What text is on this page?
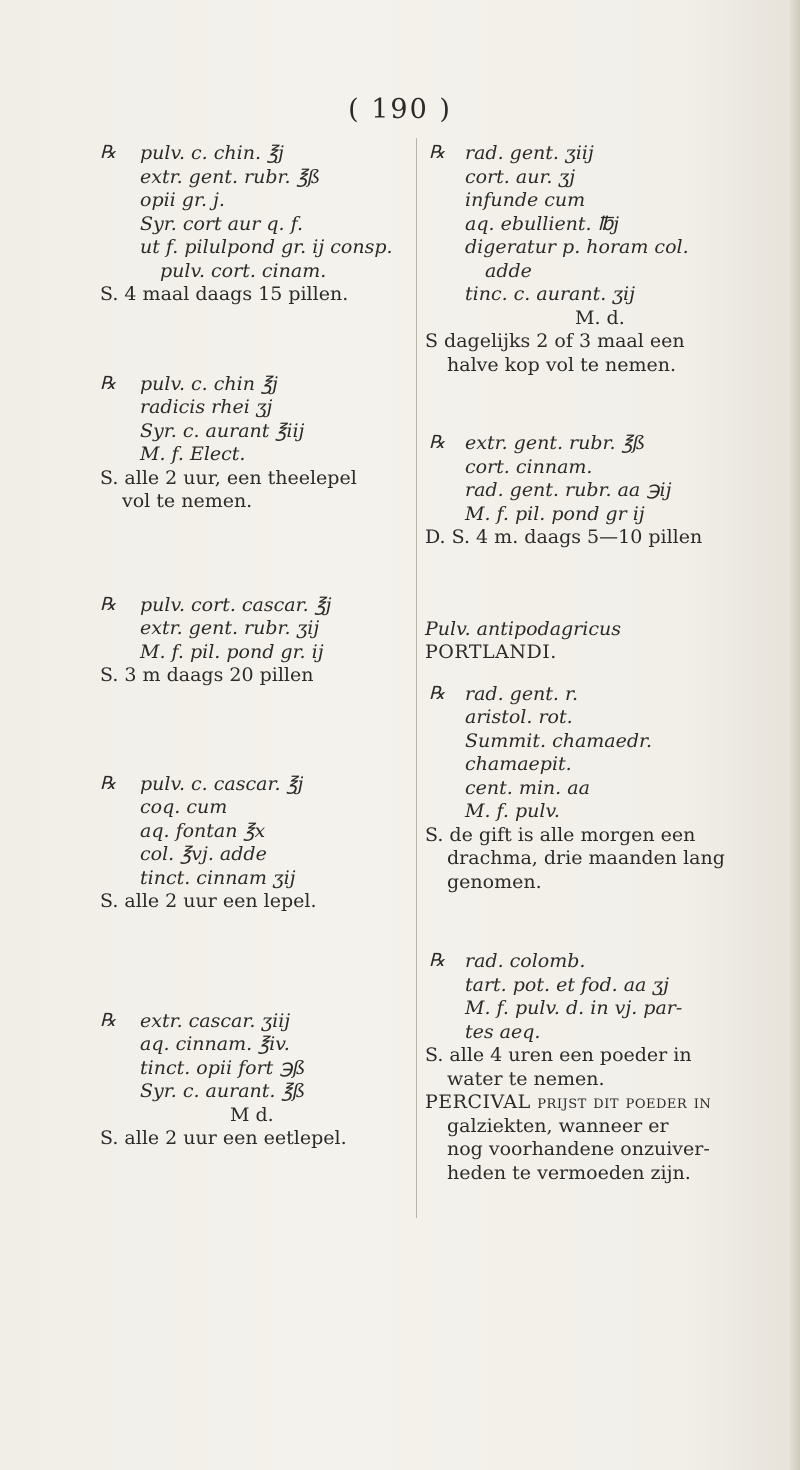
( 190 )
℞	pulv. c. chin. ℥j
extr. gent. rubr. ℥ß
opii gr. j.
Syr. cort aur q. f.
ut f. pilulpond gr. ij consp.
pulv. cort. cinam.
S. 4 maal daags 15 pillen.
℞	pulv. c. chin ℥j
radicis rhei ʒj
Syr. c. aurant ℥iij
M. f. Elect.
S. alle 2 uur, een theelepel
vol te nemen.
℞	pulv. cort. cascar. ℥j
extr. gent. rubr. ʒij
M. f. pil. pond gr. ij
S. 3 m daags 20 pillen
℞	pulv. c. cascar. ℥j
coq. cum
aq. fontan ℥x
col. ℥vj. adde
tinct. cinnam ʒij
S. alle 2 uur een lepel.
℞	extr. cascar. ʒiij
aq. cinnam. ℥iv.
tinct. opii fort ℈ß
Syr. c. aurant. ℥ß
M d.
S. alle 2 uur een eetlepel.
℞	rad. gent. ʒiij
cort. aur. ʒj
infunde cum
aq. ebullient. ℔j
digeratur p. horam col.
adde
tinc. c. aurant. ʒij
M. d.
S dagelijks 2 of 3 maal een
halve kop vol te nemen.
℞	extr. gent. rubr. ℥ß
cort. cinnam.
rad. gent. rubr. aa ℈ij
M. f. pil. pond gr ij
D. S. 4 m. daags 5—10 pillen
Pulv. antipodagricus
PORTLANDI.
℞	rad. gent. r.
aristol. rot.
Summit. chamaedr.
chamaepit.
cent. min. aa
M. f. pulv.
S. de gift is alle morgen een
drachma, drie maanden lang
genomen.
℞	rad. colomb.
tart. pot. et fod. aa ʒj
M. f. pulv. d. in vj. par-
tes aeq.
S. alle 4 uren een poeder in
water te nemen.
PERCIVAL prijst dit poeder in
galziekten, wanneer er
nog voorhandene onzuiver-
heden te vermoeden zijn.
